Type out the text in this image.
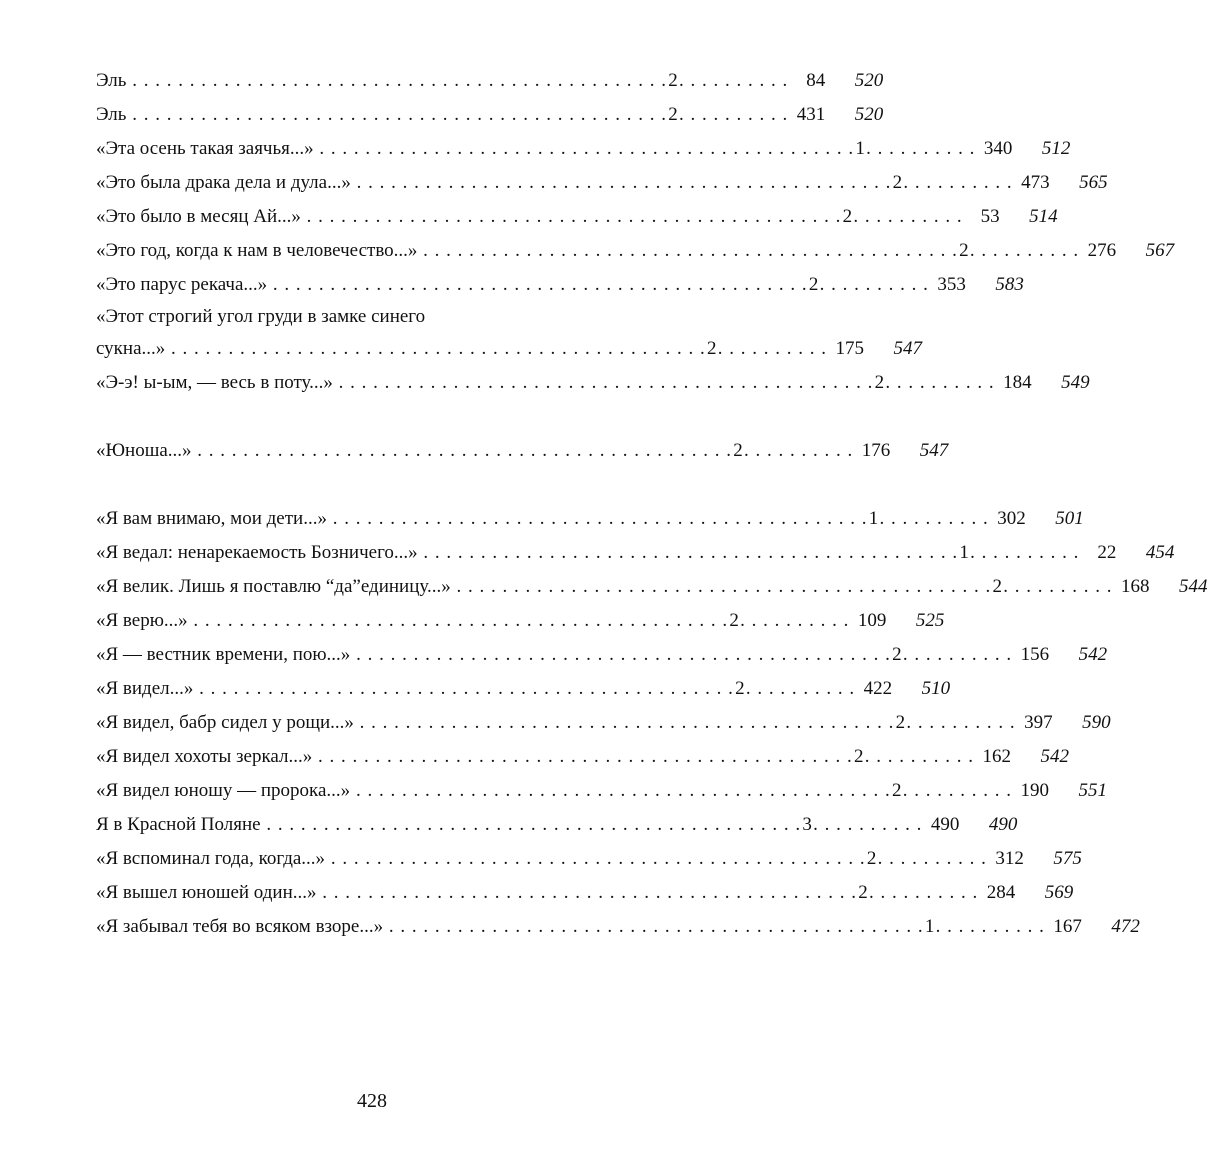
Эль . . . . . . . . . . . . . . . . . . . . . . . . . . . . . . . . . . . . . . . . . . . . . . . 2 . . . . . . . . . . 84	520
Эль . . . . . . . . . . . . . . . . . . . . . . . . . . . . . . . . . . . . . . . . . . . . . . . 2 . . . . . . . . . . 431	520
«Эта осень такая заячья...» . . . . . . . . . . . . . . . . . . . . . . . . . . . . . . . . . . . . . . . . . . . . . . . 1 . . . . . . . . . . 340	512
«Это была драка дела и дула...» . . . . . . . . . . . . . . . . . . . . . . . . . . . . . . . . . . . . . . . . . . . . . . . 2 . . . . . . . . . . 473	565
«Это было в месяц Ай...» . . . . . . . . . . . . . . . . . . . . . . . . . . . . . . . . . . . . . . . . . . . . . . . 2 . . . . . . . . . . 53	514
«Это год, когда к нам в человечество...» . . . . . . . . . . . . . . . . . . . . . . . . . . . . . . . . . . . . . . . . . . . . . . . 2 . . . . . . . . . . 276	567
«Это парус рекача...» . . . . . . . . . . . . . . . . . . . . . . . . . . . . . . . . . . . . . . . . . . . . . . . 2 . . . . . . . . . . 353	583
«Этот строгий угол груди в замке синего
сукна...» . . . . . . . . . . . . . . . . . . . . . . . . . . . . . . . . . . . . . . . . . . . . . . . 2 . . . . . . . . . . 175	547
«Э-э! ы-ым, — весь в поту...» . . . . . . . . . . . . . . . . . . . . . . . . . . . . . . . . . . . . . . . . . . . . . . . 2 . . . . . . . . . . 184	549
«Юноша...» . . . . . . . . . . . . . . . . . . . . . . . . . . . . . . . . . . . . . . . . . . . . . . . 2 . . . . . . . . . . 176	547
«Я вам внимаю, мои дети...» . . . . . . . . . . . . . . . . . . . . . . . . . . . . . . . . . . . . . . . . . . . . . . . 1 . . . . . . . . . . 302	501
«Я ведал: ненарекаемость Бозничего...» . . . . . . . . . . . . . . . . . . . . . . . . . . . . . . . . . . . . . . . . . . . . . . . 1 . . . . . . . . . . 22	454
«Я велик. Лишь я поставлю “да”единицу...» . . . . . . . . . . . . . . . . . . . . . . . . . . . . . . . . . . . . . . . . . . . . . . . 2 . . . . . . . . . . 168	544
«Я верю...» . . . . . . . . . . . . . . . . . . . . . . . . . . . . . . . . . . . . . . . . . . . . . . . 2 . . . . . . . . . . 109	525
«Я — вестник времени, пою...» . . . . . . . . . . . . . . . . . . . . . . . . . . . . . . . . . . . . . . . . . . . . . . . 2 . . . . . . . . . . 156	542
«Я видел...» . . . . . . . . . . . . . . . . . . . . . . . . . . . . . . . . . . . . . . . . . . . . . . . 2 . . . . . . . . . . 422	510
«Я видел, бабр сидел у рощи...» . . . . . . . . . . . . . . . . . . . . . . . . . . . . . . . . . . . . . . . . . . . . . . . 2 . . . . . . . . . . 397	590
«Я видел хохоты зеркал...» . . . . . . . . . . . . . . . . . . . . . . . . . . . . . . . . . . . . . . . . . . . . . . . 2 . . . . . . . . . . 162	542
«Я видел юношу — пророка...» . . . . . . . . . . . . . . . . . . . . . . . . . . . . . . . . . . . . . . . . . . . . . . . 2 . . . . . . . . . . 190	551
Я в Красной Поляне . . . . . . . . . . . . . . . . . . . . . . . . . . . . . . . . . . . . . . . . . . . . . . . 3 . . . . . . . . . . 490	490
«Я вспоминал года, когда...» . . . . . . . . . . . . . . . . . . . . . . . . . . . . . . . . . . . . . . . . . . . . . . . 2 . . . . . . . . . . 312	575
«Я вышел юношей один...» . . . . . . . . . . . . . . . . . . . . . . . . . . . . . . . . . . . . . . . . . . . . . . . 2 . . . . . . . . . . 284	569
«Я забывал тебя во всяком взоре...» . . . . . . . . . . . . . . . . . . . . . . . . . . . . . . . . . . . . . . . . . . . . . . . 1 . . . . . . . . . . 167	472
428
